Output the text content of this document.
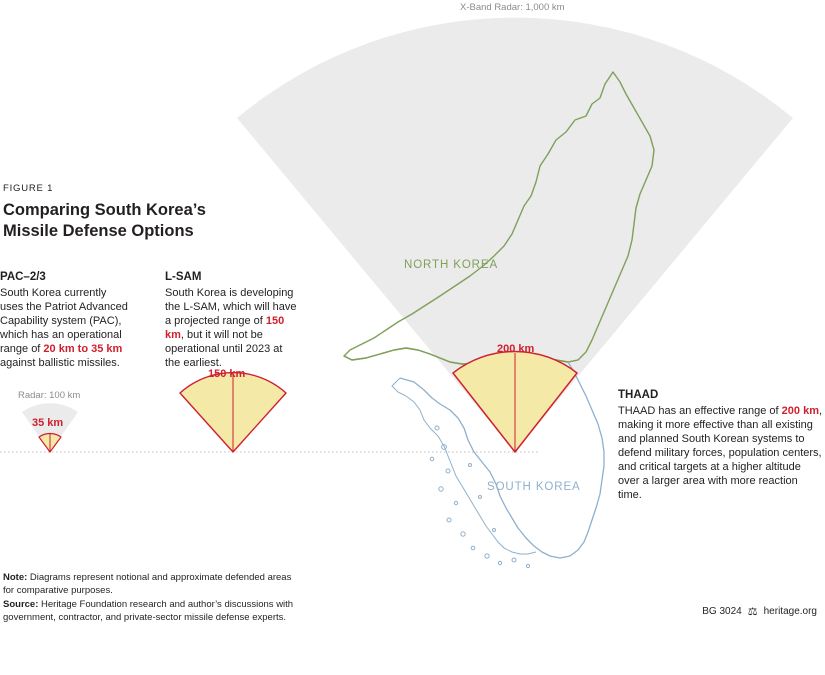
X-Band Radar: 1,000 km
NORTH KOREA
SOUTH KOREA
Radar: 100 km
FIGURE 1
Comparing South Korea’s Missile Defense Options
35 km
150 km
200 km
PAC–2/3
South Korea currently uses the Patriot Advanced Capability system (PAC), which has an operational range of 20 km to 35 km against ballistic missiles.
L-SAM
South Korea is developing the L-SAM, which will have a projected range of 150 km, but it will not be operational until 2023 at the earliest.
THAAD
THAAD has an effective range of 200 km, making it more effective than all existing and planned South Korean systems to defend military forces, population centers, and critical targets at a higher altitude over a larger area with more reaction time.
Note: Diagrams represent notional and approximate defended areas for comparative purposes.
Source: Heritage Foundation research and author’s discussions with government, contractor, and private-sector missile defense experts.
BG 3024 ⚖ heritage.org
